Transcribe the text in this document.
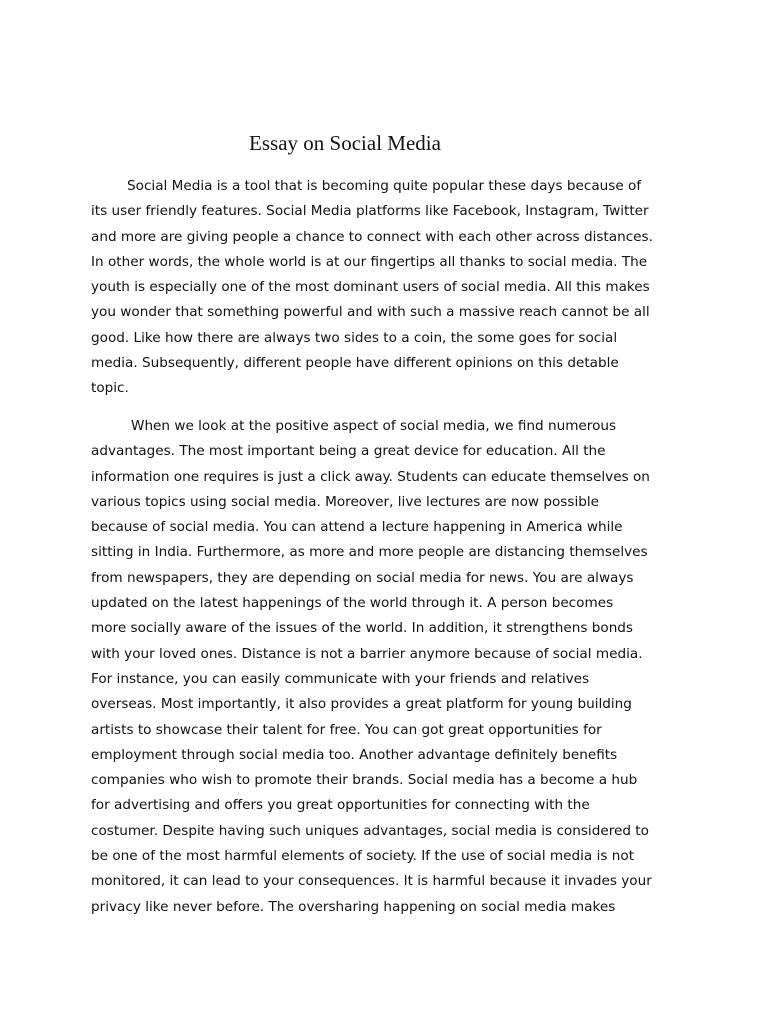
Essay on Social Media

Social Media is a tool that is becoming quite popular these days because of

its user friendly features. Social Media platforms like Facebook, Instagram, Twitter

and more are giving people a chance to connect with each other across distances.

In other words, the whole world is at our fingertips all thanks to social media. The

youth is especially one of the most dominant users of social media. All this makes

you wonder that something powerful and with such a massive reach cannot be all

good. Like how there are always two sides to a coin, the some goes for social

media. Subsequently, different people have different opinions on this detable

topic.

When we look at the positive aspect of social media, we find numerous

advantages. The most important being a great device for education. All the

information one requires is just a click away. Students can educate themselves on

various topics using social media. Moreover, live lectures are now possible

because of social media. You can attend a lecture happening in America while

sitting in India. Furthermore, as more and more people are distancing themselves

from newspapers, they are depending on social media for news. You are always

updated on the latest happenings of the world through it. A person becomes

more socially aware of the issues of the world. In addition, it strengthens bonds

with your loved ones. Distance is not a barrier anymore because of social media.

For instance, you can easily communicate with your friends and relatives

overseas. Most importantly, it also provides a great platform for young building

artists to showcase their talent for free. You can got great opportunities for

employment through social media too. Another advantage definitely benefits

companies who wish to promote their brands. Social media has a become a hub

for advertising and offers you great opportunities for connecting with the

costumer. Despite having such uniques advantages, social media is considered to

be one of the most harmful elements of society. If the use of social media is not

monitored, it can lead to your consequences. It is harmful because it invades your

privacy like never before. The oversharing happening on social media makes
